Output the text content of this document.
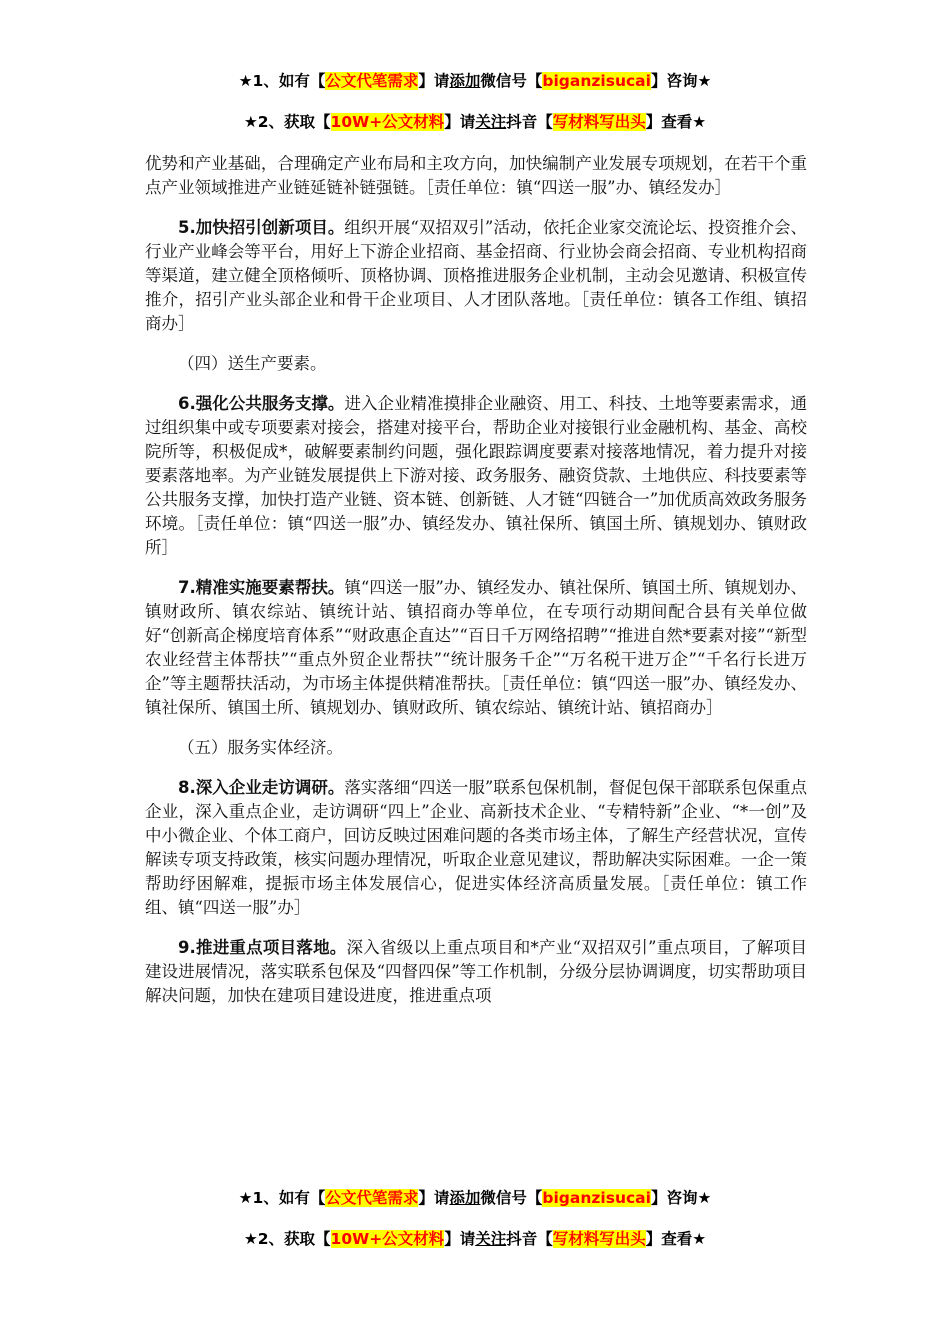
★1、如有【公文代笔需求】请添加微信号【biganzisucai】咨询★
★2、获取【10W+公文材料】请关注抖音【写材料写出头】查看★

优势和产业基础，合理确定产业布局和主攻方向，加快编制产业发展专项规划，在若干个重点产业领域推进产业链延链补链强链。［责任单位：镇“四送一服”办、镇经发办］

5.加快招引创新项目。组织开展“双招双引”活动，依托企业家交流论坛、投资推介会、行业产业峰会等平台，用好上下游企业招商、基金招商、行业协会商会招商、专业机构招商等渠道，建立健全顶格倾听、顶格协调、顶格推进服务企业机制，主动会见邀请、积极宣传推介，招引产业头部企业和骨干企业项目、人才团队落地。［责任单位：镇各工作组、镇招商办］

（四）送生产要素。

6.强化公共服务支撑。进入企业精准摸排企业融资、用工、科技、土地等要素需求，通过组织集中或专项要素对接会，搭建对接平台，帮助企业对接银行业金融机构、基金、高校院所等，积极促成*，破解要素制约问题，强化跟踪调度要素对接落地情况，着力提升对接要素落地率。为产业链发展提供上下游对接、政务服务、融资贷款、土地供应、科技要素等公共服务支撑，加快打造产业链、资本链、创新链、人才链“四链合一”加优质高效政务服务环境。［责任单位：镇“四送一服”办、镇经发办、镇社保所、镇国土所、镇规划办、镇财政所］

7.精准实施要素帮扶。镇“四送一服”办、镇经发办、镇社保所、镇国土所、镇规划办、镇财政所、镇农综站、镇统计站、镇招商办等单位，在专项行动期间配合县有关单位做好“创新高企梯度培育体系”“财政惠企直达”“百日千万网络招聘”“推进自然*要素对接”“新型农业经营主体帮扶”“重点外贸企业帮扶”“统计服务千企”“万名税干进万企”“千名行长进万企”等主题帮扶活动，为市场主体提供精准帮扶。［责任单位：镇“四送一服”办、镇经发办、镇社保所、镇国土所、镇规划办、镇财政所、镇农综站、镇统计站、镇招商办］

（五）服务实体经济。

8.深入企业走访调研。落实落细“四送一服”联系包保机制，督促包保干部联系包保重点企业，深入重点企业，走访调研“四上”企业、高新技术企业、“专精特新”企业、“*一创”及中小微企业、个体工商户，回访反映过困难问题的各类市场主体，了解生产经营状况，宣传解读专项支持政策，核实问题办理情况，听取企业意见建议，帮助解决实际困难。一企一策帮助纾困解难，提振市场主体发展信心，促进实体经济高质量发展。［责任单位：镇工作组、镇“四送一服”办］

9.推进重点项目落地。深入省级以上重点项目和*产业“双招双引”重点项目，了解项目建设进展情况，落实联系包保及“四督四保”等工作机制，分级分层协调调度，切实帮助项目解决问题，加快在建项目建设进度，推进重点项

★1、如有【公文代笔需求】请添加微信号【biganzisucai】咨询★
★2、获取【10W+公文材料】请关注抖音【写材料写出头】查看★
